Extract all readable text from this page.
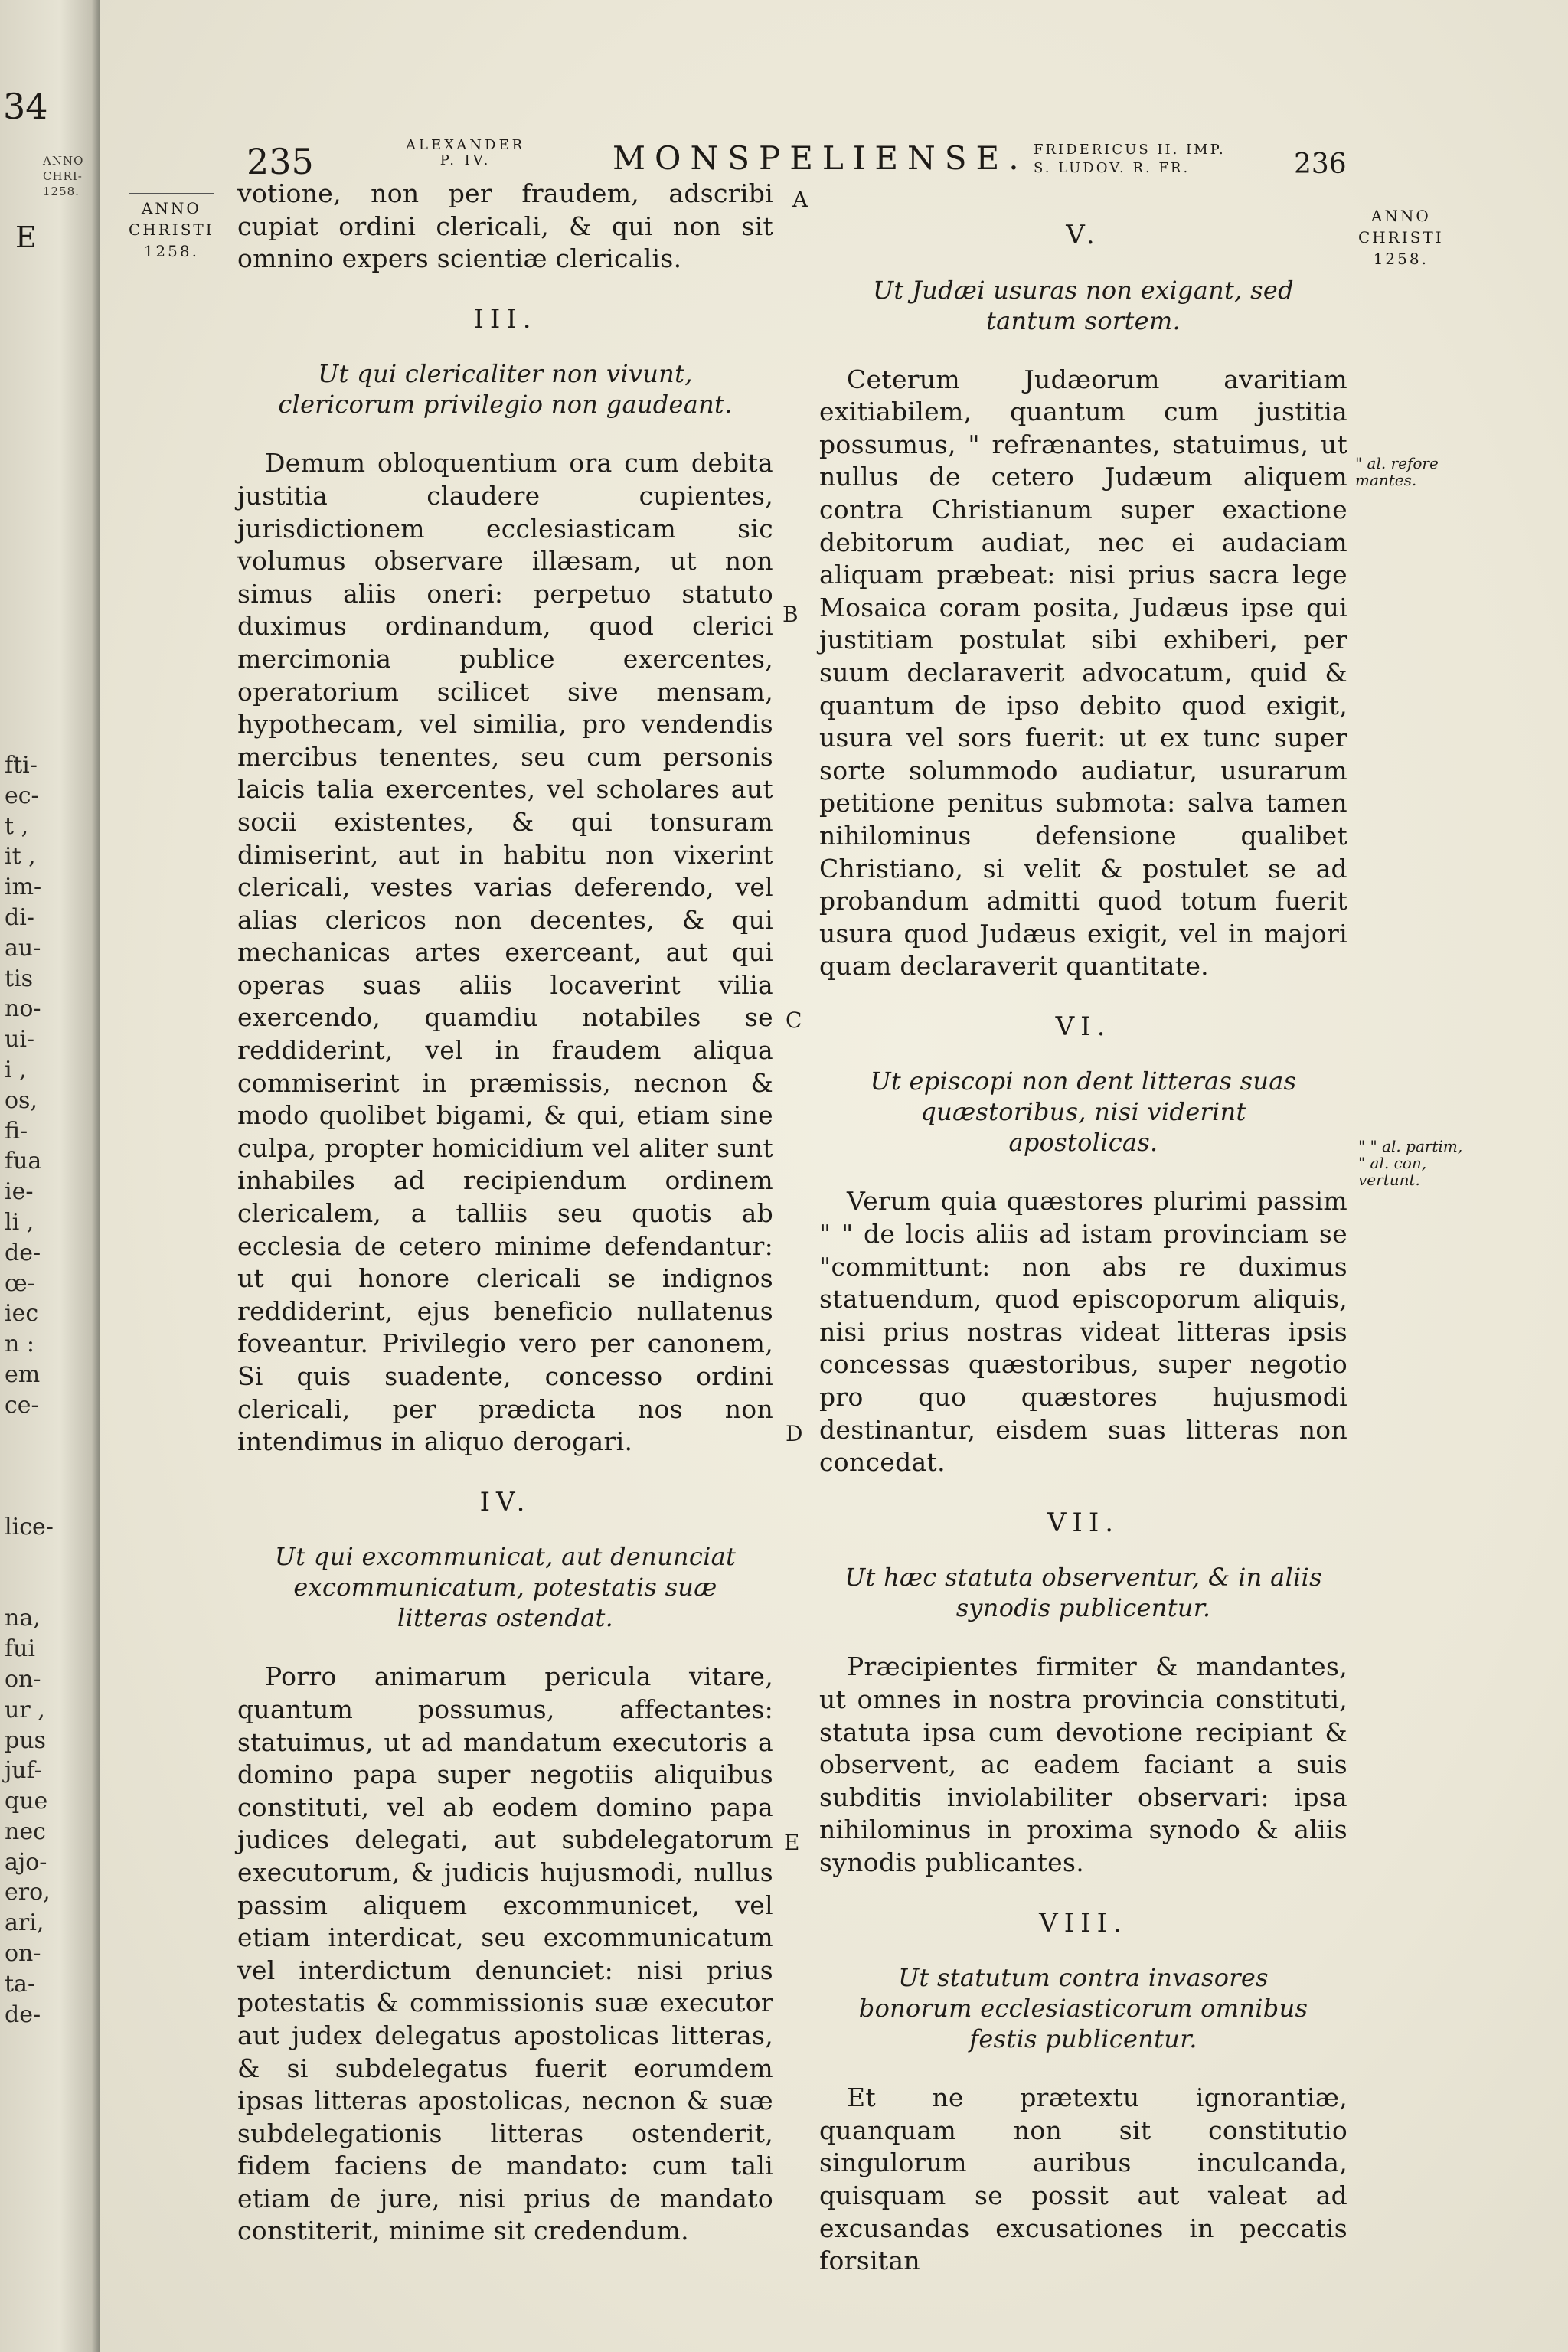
34
ANNO
CHRI-
1258.
E
fti-
ec-
t ,
it ,
im-
di-
au-
tis
no-
ui-
i ,
os,
fi-
fua
ie-
li ,
de-
œ-
iec
n :
em
ce-

lice-

na,
fui
on-
ur ,
pus
juf-
que
nec
ajo-
ero,
ari,
on-
ta-
de-
235	ALEXANDER
P. IV.	MONSPELIENSE. FRIDERICUS II. IMP.
S. LUDOV. R. FR.	236
ANNO
CHRISTI
1258.
ANNO
CHRISTI
1258.
" al. refore
mantes.
" " al. partim,
" al. con,
vertunt.
A
B
C
D
E

votione, non per fraudem, adscribi cupiat ordini clericali, & qui non sit omnino expers scientiæ clericalis.

III.
Ut qui clericaliter non vivunt, clericorum privilegio non gaudeant.

Demum obloquentium ora cum debita justitia claudere cupientes, jurisdictionem ecclesiasticam sic volumus observare illæsam, ut non simus aliis oneri: perpetuo statuto duximus ordinandum, quod clerici mercimonia publice exercentes, operatorium scilicet sive mensam, hypothecam, vel similia, pro vendendis mercibus tenentes, seu cum personis laicis talia exercentes, vel scholares aut socii existentes, & qui tonsuram dimiserint, aut in habitu non vixerint clericali, vestes varias deferendo, vel alias clericos non decentes, & qui mechanicas artes exerceant, aut qui operas suas aliis locaverint vilia exercendo, quamdiu notabiles se reddiderint, vel in fraudem aliqua commiserint in præmissis, necnon & modo quolibet bigami, & qui, etiam sine culpa, propter homicidium vel aliter sunt inhabiles ad recipiendum ordinem clericalem, a talliis seu quotis ab ecclesia de cetero minime defendantur: ut qui honore clericali se indignos reddiderint, ejus beneficio nullatenus foveantur. Privilegio vero per canonem, Si quis suadente, concesso ordini clericali, per prædicta nos non intendimus in aliquo derogari.

IV.
Ut qui excommunicat, aut denunciat excommunicatum, potestatis suæ litteras ostendat.

Porro animarum pericula vitare, quantum possumus, affectantes: statuimus, ut ad mandatum executoris a domino papa super negotiis aliquibus constituti, vel ab eodem domino papa judices delegati, aut subdelegatorum executorum, & judicis hujusmodi, nullus passim aliquem excommunicet, vel etiam interdicat, seu excommunicatum vel interdictum denunciet: nisi prius potestatis & commissionis suæ executor aut judex delegatus apostolicas litteras, & si subdelegatus fuerit eorumdem ipsas litteras apostolicas, necnon & suæ subdelegationis litteras ostenderit, fidem faciens de mandato: cum tali etiam de jure, nisi prius de mandato constiterit, minime sit credendum.

V.
Ut Judæi usuras non exigant, sed tantum sortem.

Ceterum Judæorum avaritiam exitiabilem, quantum cum justitia possumus, " refrænantes, statuimus, ut nullus de cetero Judæum aliquem contra Christianum super exactione debitorum audiat, nec ei audaciam aliquam præbeat: nisi prius sacra lege Mosaica coram posita, Judæus ipse qui justitiam postulat sibi exhiberi, per suum declaraverit advocatum, quid & quantum de ipso debito quod exigit, usura vel sors fuerit: ut ex tunc super sorte solummodo audiatur, usurarum petitione penitus submota: salva tamen nihilominus defensione qualibet Christiano, si velit & postulet se ad probandum admitti quod totum fuerit usura quod Judæus exigit, vel in majori quam declaraverit quantitate.

VI.
Ut episcopi non dent litteras suas quæstoribus, nisi viderint apostolicas.

Verum quia quæstores plurimi passim " " de locis aliis ad istam provinciam se "committunt: non abs re duximus statuendum, quod episcoporum aliquis, nisi prius nostras videat litteras ipsis concessas quæstoribus, super negotio pro quo quæstores hujusmodi destinantur, eisdem suas litteras non concedat.

VII.
Ut hæc statuta observentur, & in aliis synodis publicentur.

Præcipientes firmiter & mandantes, ut omnes in nostra provincia constituti, statuta ipsa cum devotione recipiant & observent, ac eadem faciant a suis subditis inviolabiliter observari: ipsa nihilominus in proxima synodo & aliis synodis publicantes.

VIII.
Ut statutum contra invasores bonorum ecclesiasticorum omnibus festis publicentur.

Et ne prætextu ignorantiæ, quanquam non sit constitutio singulorum auribus inculcanda, quisquam se possit aut valeat ad excusandas excusationes in peccatis forsitan
